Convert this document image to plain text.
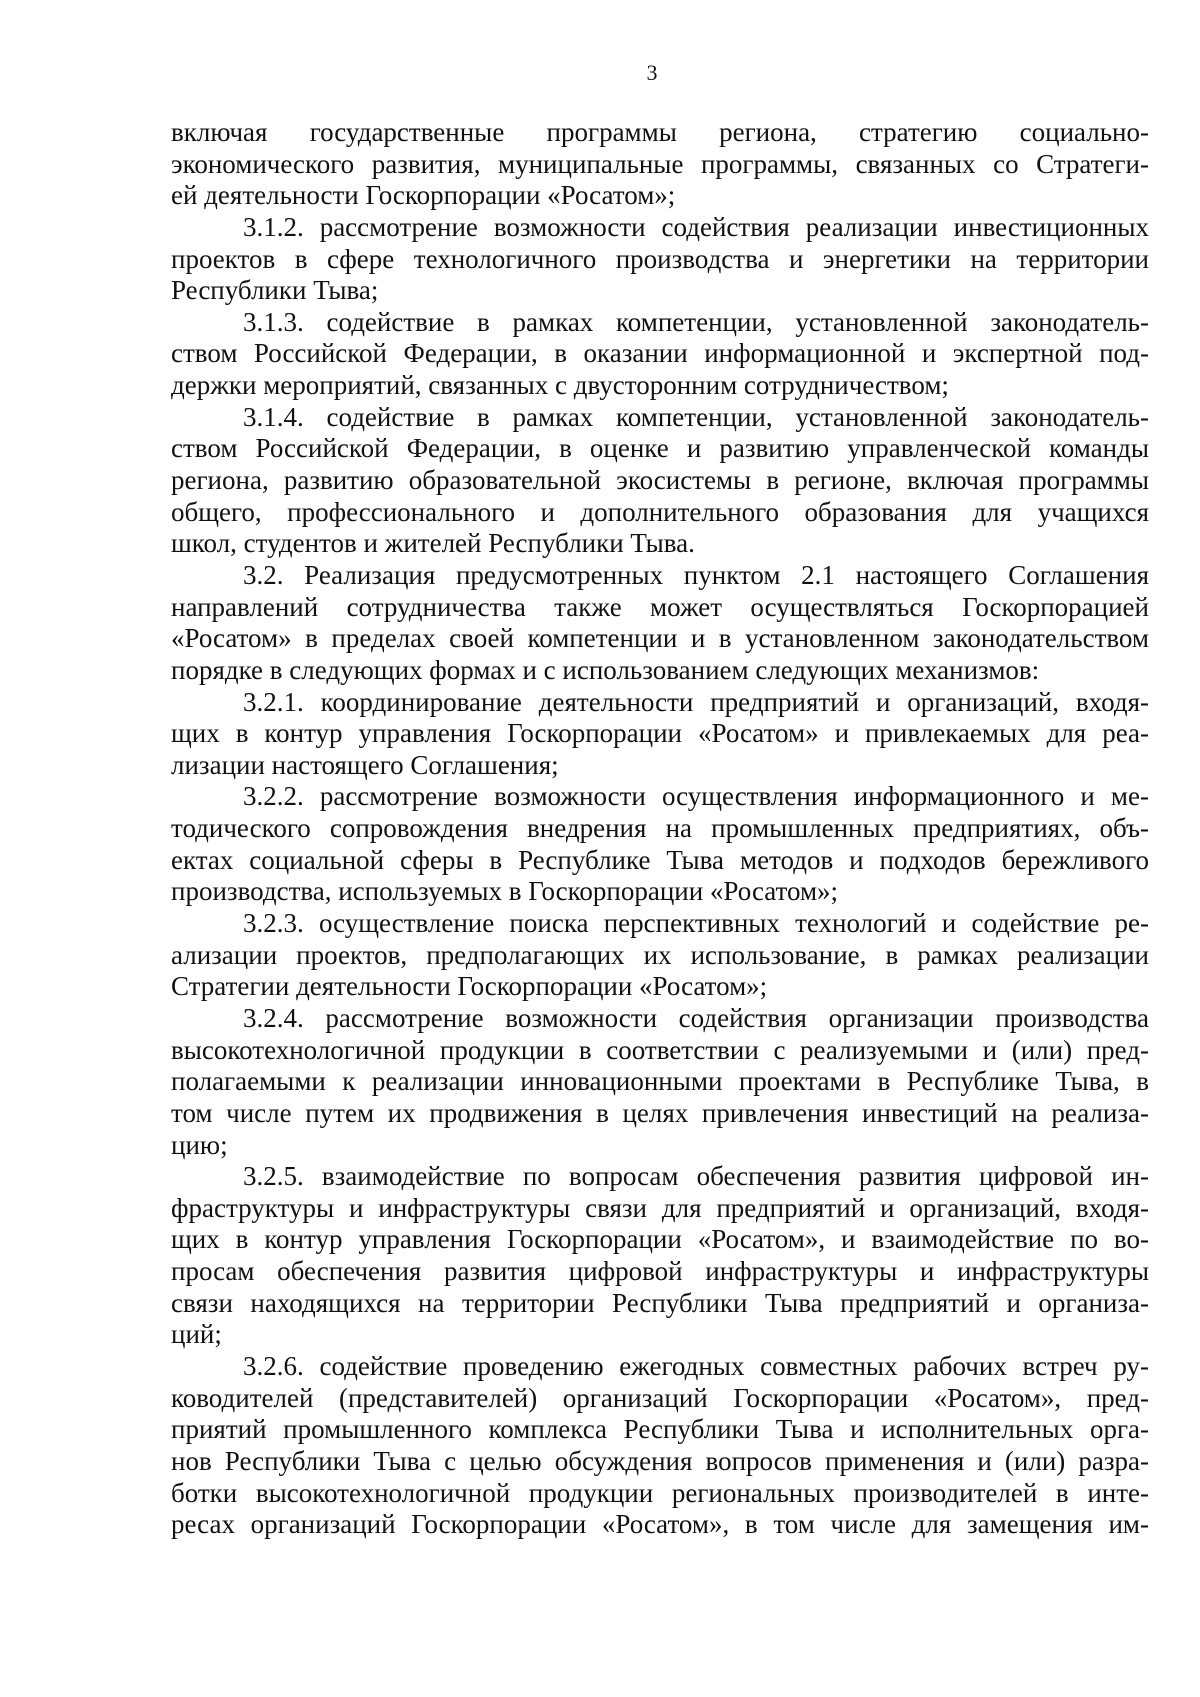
3
включая государственные программы региона, стратегию социально-
экономического развития, муниципальные программы, связанных со Стратеги-
ей деятельности Госкорпорации «Росатом»;
3.1.2. рассмотрение возможности содействия реализации инвестиционных
проектов в сфере технологичного производства и энергетики на территории
Республики Тыва;
3.1.3. содействие в рамках компетенции, установленной законодатель-
ством Российской Федерации, в оказании информационной и экспертной под-
держки мероприятий, связанных с двусторонним сотрудничеством;
3.1.4. содействие в рамках компетенции, установленной законодатель-
ством Российской Федерации, в оценке и развитию управленческой команды
региона, развитию образовательной экосистемы в регионе, включая программы
общего, профессионального и дополнительного образования для учащихся
школ, студентов и жителей Республики Тыва.
3.2. Реализация предусмотренных пунктом 2.1 настоящего Соглашения
направлений сотрудничества также может осуществляться Госкорпорацией
«Росатом» в пределах своей компетенции и в установленном законодательством
порядке в следующих формах и с использованием следующих механизмов:
3.2.1. координирование деятельности предприятий и организаций, входя-
щих в контур управления Госкорпорации «Росатом» и привлекаемых для реа-
лизации настоящего Соглашения;
3.2.2. рассмотрение возможности осуществления информационного и ме-
тодического сопровождения внедрения на промышленных предприятиях, объ-
ектах социальной сферы в Республике Тыва методов и подходов бережливого
производства, используемых в Госкорпорации «Росатом»;
3.2.3. осуществление поиска перспективных технологий и содействие ре-
ализации проектов, предполагающих их использование, в рамках реализации
Стратегии деятельности Госкорпорации «Росатом»;
3.2.4. рассмотрение возможности содействия организации производства
высокотехнологичной продукции в соответствии с реализуемыми и (или) пред-
полагаемыми к реализации инновационными проектами в Республике Тыва, в
том числе путем их продвижения в целях привлечения инвестиций на реализа-
цию;
3.2.5. взаимодействие по вопросам обеспечения развития цифровой ин-
фраструктуры и инфраструктуры связи для предприятий и организаций, входя-
щих в контур управления Госкорпорации «Росатом», и взаимодействие по во-
просам обеспечения развития цифровой инфраструктуры и инфраструктуры
связи находящихся на территории Республики Тыва предприятий и организа-
ций;
3.2.6. содействие проведению ежегодных совместных рабочих встреч ру-
ководителей (представителей) организаций Госкорпорации «Росатом», пред-
приятий промышленного комплекса Республики Тыва и исполнительных орга-
нов Республики Тыва с целью обсуждения вопросов применения и (или) разра-
ботки высокотехнологичной продукции региональных производителей в инте-
ресах организаций Госкорпорации «Росатом», в том числе для замещения им-
